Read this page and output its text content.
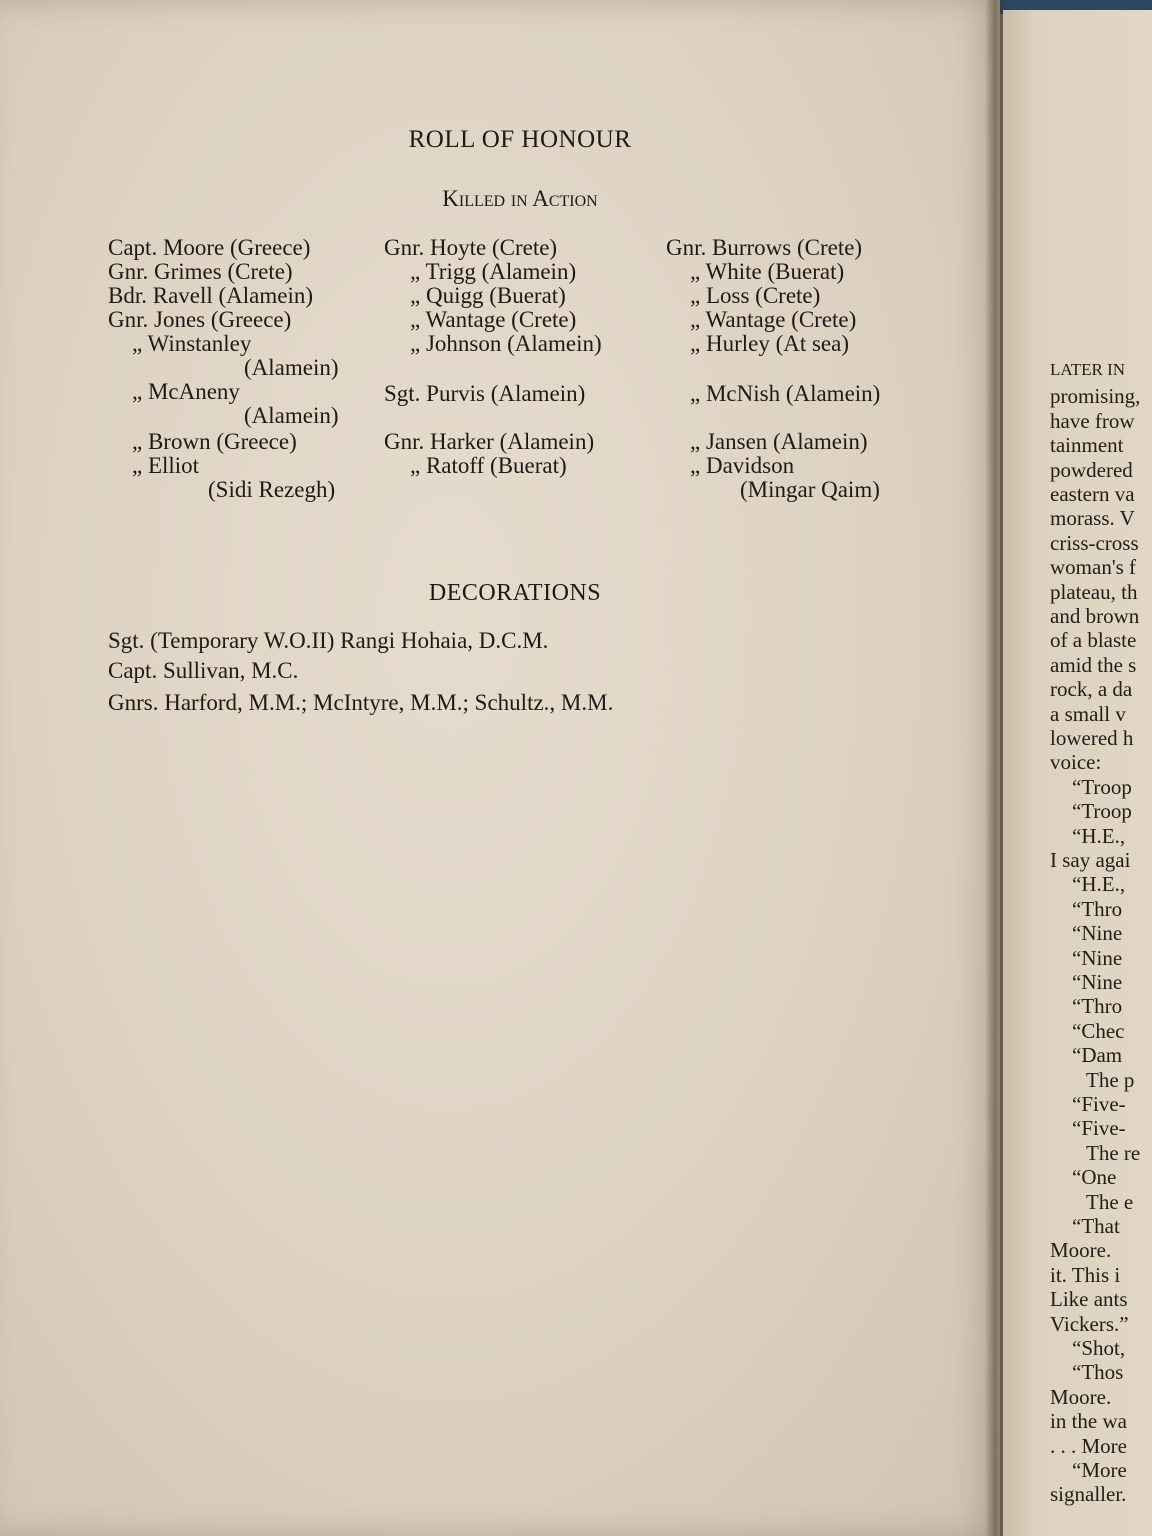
ROLL OF HONOUR
Killed in Action
Capt. Moore (Greece)
Gnr. Grimes (Crete)
Bdr. Ravell (Alamein)
Gnr. Jones (Greece)
„ Winstanley
(Alamein)
„ McAneny
(Alamein)
„ Brown (Greece)
„ Elliot
(Sidi Rezegh)
Gnr. Hoyte (Crete)
„ Trigg (Alamein)
„ Quigg (Buerat)
„ Wantage (Crete)
„ Johnson (Alamein)
Sgt. Purvis (Alamein)
Gnr. Harker (Alamein)
„ Ratoff (Buerat)
Gnr. Burrows (Crete)
„ White (Buerat)
„ Loss (Crete)
„ Wantage (Crete)
„ Hurley (At sea)
„ McNish (Alamein)
„ Jansen (Alamein)
„ Davidson
(Mingar Qaim)
DECORATIONS
Sgt. (Temporary W.O.II) Rangi Hohaia, D.C.M.
Capt. Sullivan, M.C.
Gnrs. Harford, M.M.; McIntyre, M.M.; Schultz., M.M.
LATER IN
promising,
have frow
tainment
powdered
eastern va
morass. V
criss-cross
woman's f
plateau, th
and brown
of a blaste
amid the s
rock, a da
a small v
lowered h
voice:
“Troop
“Troop
“H.E.,
I say agai
“H.E.,
“Thro
“Nine
“Nine
“Nine
“Thro
“Chec
“Dam
The p
“Five-
“Five-
The re
“One
The e
“That
Moore.
it. This i
Like ants
Vickers.”
“Shot,
“Thos
Moore.
in the wa
. . . More
“More
signaller.
